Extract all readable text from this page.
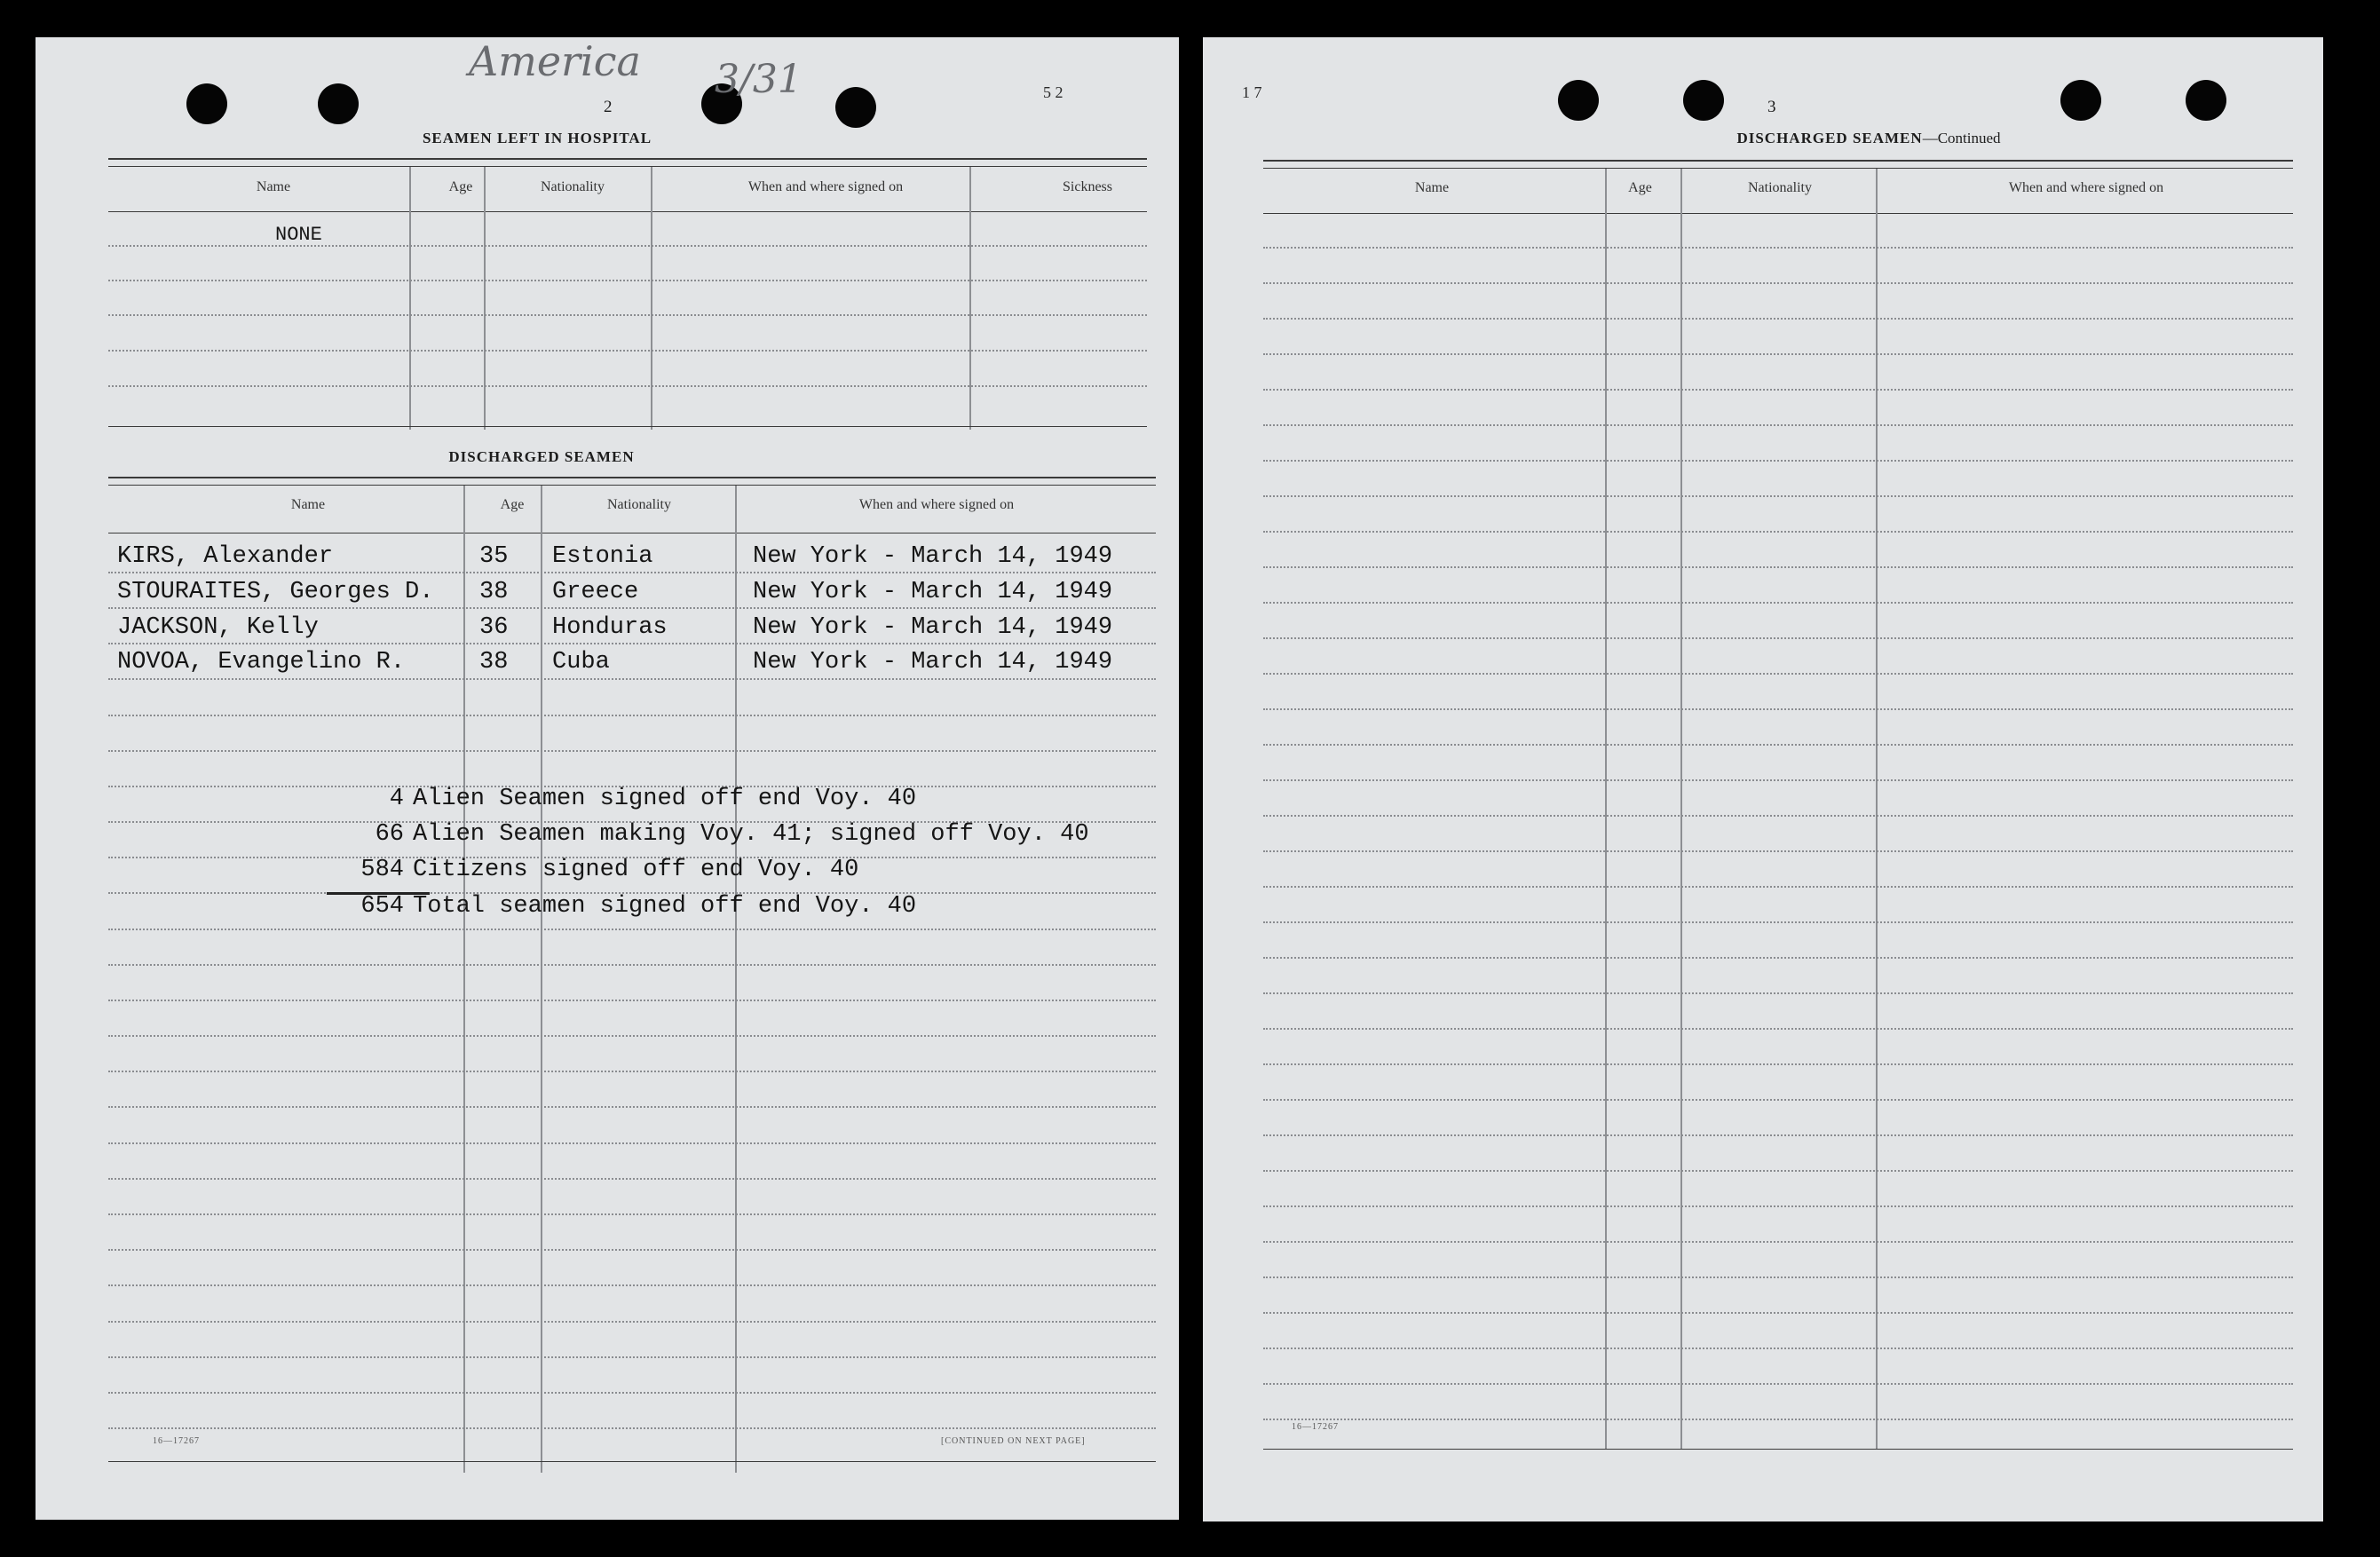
America 3/31	5 2
2
SEAMEN LEFT IN HOSPITAL
Name	Age	Nationality	When and where signed on	Sickness
NONE
DISCHARGED SEAMEN
Name	Age	Nationality	When and where signed on
KIRS, Alexander	35 Estonia	New York - March 14, 1949
STOURAITES, Georges D. 38 Greece	New York - March 14, 1949
JACKSON, Kelly	36 Honduras	New York - March 14, 1949
NOVOA, Evangelino R.	38 Cuba	New York - March 14, 1949
4 Alien Seamen signed off end Voy. 40
66 Alien Seamen making Voy. 41; signed off Voy. 40
584 Citizens signed off end Voy. 40
654 Total seamen signed off end Voy. 40
16—17267	[CONTINUED ON NEXT PAGE]
1 7
3
DISCHARGED SEAMEN—Continued
Name	Age	Nationality	When and where signed on
16—17267
